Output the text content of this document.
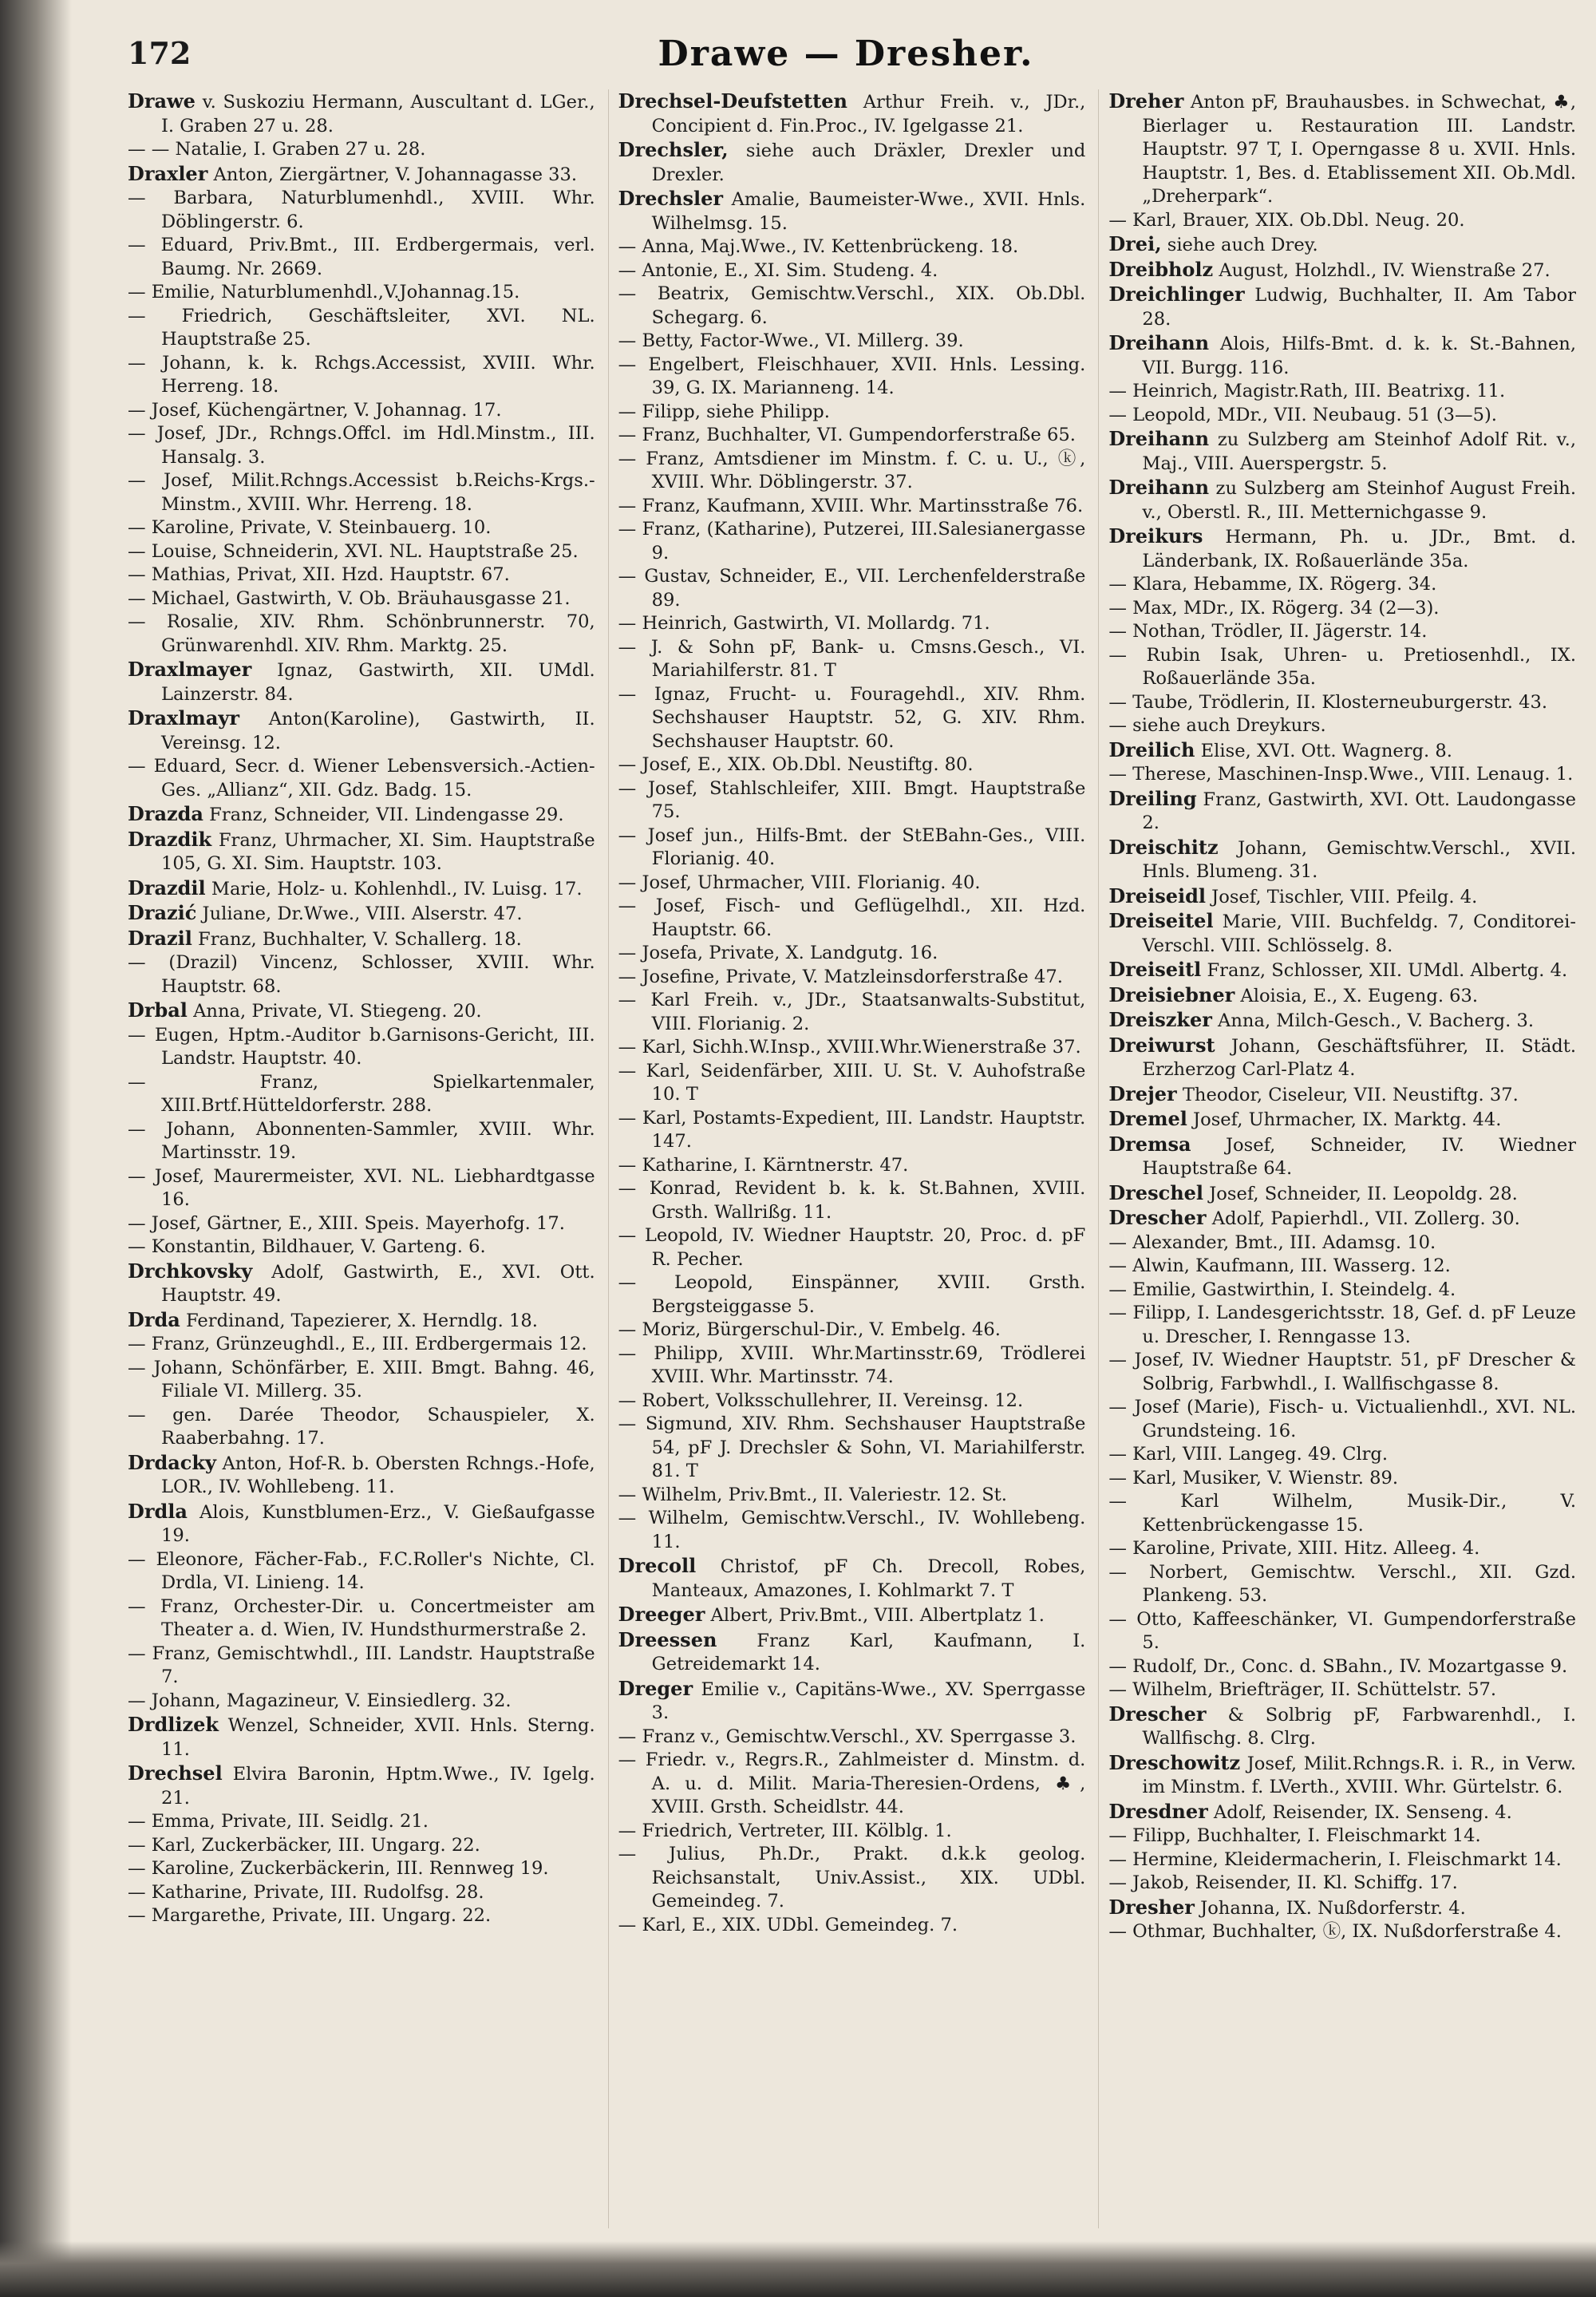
172	Drawe — Dresher.

Drawe v. Suskoziu Hermann, Auscultant d. LGer., I. Graben 27 u. 28.

— — Natalie, I. Graben 27 u. 28.

Draxler Anton, Ziergärtner, V. Johannagasse 33.

— Barbara, Naturblumenhdl., XVIII. Whr. Döblingerstr. 6.

— Eduard, Priv.Bmt., III. Erdbergermais, verl. Baumg. Nr. 2669.

— Emilie, Naturblumenhdl.,V.Johannag.15.

— Friedrich, Geschäftsleiter, XVI. NL. Hauptstraße 25.

— Johann, k. k. Rchgs.Accessist, XVIII. Whr. Herreng. 18.

— Josef, Küchengärtner, V. Johannag. 17.

— Josef, JDr., Rchngs.Offcl. im Hdl.Minstm., III. Hansalg. 3.

— Josef, Milit.Rchngs.Accessist b.Reichs-Krgs.-Minstm., XVIII. Whr. Herreng. 18.

— Karoline, Private, V. Steinbauerg. 10.

— Louise, Schneiderin, XVI. NL. Hauptstraße 25.

— Mathias, Privat, XII. Hzd. Hauptstr. 67.

— Michael, Gastwirth, V. Ob. Bräuhausgasse 21.

— Rosalie, XIV. Rhm. Schönbrunnerstr. 70, Grünwarenhdl. XIV. Rhm. Marktg. 25.

Draxlmayer Ignaz, Gastwirth, XII. UMdl. Lainzerstr. 84.

Draxlmayr Anton(Karoline), Gastwirth, II. Vereinsg. 12.

— Eduard, Secr. d. Wiener Lebensversich.-Actien-Ges. „Allianz“, XII. Gdz. Badg. 15.

Drazda Franz, Schneider, VII. Lindengasse 29.

Drazdik Franz, Uhrmacher, XI. Sim. Hauptstraße 105, G. XI. Sim. Hauptstr. 103.

Drazdil Marie, Holz- u. Kohlenhdl., IV. Luisg. 17.

Drazić Juliane, Dr.Wwe., VIII. Alserstr. 47.

Drazil Franz, Buchhalter, V. Schallerg. 18.

— (Drazil) Vincenz, Schlosser, XVIII. Whr. Hauptstr. 68.

Drbal Anna, Private, VI. Stiegeng. 20.

— Eugen, Hptm.-Auditor b.Garnisons-Gericht, III. Landstr. Hauptstr. 40.

— Franz, Spielkartenmaler, XIII.Brtf.Hütteldorferstr. 288.

— Johann, Abonnenten-Sammler, XVIII. Whr. Martinsstr. 19.

— Josef, Maurermeister, XVI. NL. Liebhardtgasse 16.

— Josef, Gärtner, E., XIII. Speis. Mayerhofg. 17.

— Konstantin, Bildhauer, V. Garteng. 6.

Drchkovsky Adolf, Gastwirth, E., XVI. Ott. Hauptstr. 49.

Drda Ferdinand, Tapezierer, X. Herndlg. 18.

— Franz, Grünzeughdl., E., III. Erdbergermais 12.

— Johann, Schönfärber, E. XIII. Bmgt. Bahng. 46, Filiale VI. Millerg. 35.

— gen. Darée Theodor, Schauspieler, X. Raaberbahng. 17.

Drdacky Anton, Hof-R. b. Obersten Rchngs.-Hofe, LOR., IV. Wohllebeng. 11.

Drdla Alois, Kunstblumen-Erz., V. Gießaufgasse 19.

— Eleonore, Fächer-Fab., F.C.Roller's Nichte, Cl. Drdla, VI. Linieng. 14.

— Franz, Orchester-Dir. u. Concertmeister am Theater a. d. Wien, IV. Hundsthurmerstraße 2.

— Franz, Gemischtwhdl., III. Landstr. Hauptstraße 7.

— Johann, Magazineur, V. Einsiedlerg. 32.

Drdlizek Wenzel, Schneider, XVII. Hnls. Sterng. 11.

Drechsel Elvira Baronin, Hptm.Wwe., IV. Igelg. 21.

— Emma, Private, III. Seidlg. 21.

— Karl, Zuckerbäcker, III. Ungarg. 22.

— Karoline, Zuckerbäckerin, III. Rennweg 19.

— Katharine, Private, III. Rudolfsg. 28.

— Margarethe, Private, III. Ungarg. 22.

Drechsel-Deufstetten Arthur Freih. v., JDr., Concipient d. Fin.Proc., IV. Igelgasse 21.

Drechsler, siehe auch Dräxler, Drexler und Drexler.

Drechsler Amalie, Baumeister-Wwe., XVII. Hnls. Wilhelmsg. 15.

— Anna, Maj.Wwe., IV. Kettenbrückeng. 18.

— Antonie, E., XI. Sim. Studeng. 4.

— Beatrix, Gemischtw.Verschl., XIX. Ob.Dbl. Schegarg. 6.

— Betty, Factor-Wwe., VI. Millerg. 39.

— Engelbert, Fleischhauer, XVII. Hnls. Lessing. 39, G. IX. Marianneng. 14.

— Filipp, siehe Philipp.

— Franz, Buchhalter, VI. Gumpendorferstraße 65.

— Franz, Amtsdiener im Minstm. f. C. u. U., ⓚ, XVIII. Whr. Döblingerstr. 37.

— Franz, Kaufmann, XVIII. Whr. Martinsstraße 76.

— Franz, (Katharine), Putzerei, III.Salesianergasse 9.

— Gustav, Schneider, E., VII. Lerchenfelderstraße 89.

— Heinrich, Gastwirth, VI. Mollardg. 71.

— J. & Sohn pF, Bank- u. Cmsns.Gesch., VI. Mariahilferstr. 81. T

— Ignaz, Frucht- u. Fouragehdl., XIV. Rhm. Sechshauser Hauptstr. 52, G. XIV. Rhm. Sechshauser Hauptstr. 60.

— Josef, E., XIX. Ob.Dbl. Neustiftg. 80.

— Josef, Stahlschleifer, XIII. Bmgt. Hauptstraße 75.

— Josef jun., Hilfs-Bmt. der StEBahn-Ges., VIII. Florianig. 40.

— Josef, Uhrmacher, VIII. Florianig. 40.

— Josef, Fisch- und Geflügelhdl., XII. Hzd. Hauptstr. 66.

— Josefa, Private, X. Landgutg. 16.

— Josefine, Private, V. Matzleinsdorferstraße 47.

— Karl Freih. v., JDr., Staatsanwalts-Substitut, VIII. Florianig. 2.

— Karl, Sichh.W.Insp., XVIII.Whr.Wienerstraße 37.

— Karl, Seidenfärber, XIII. U. St. V. Auhofstraße 10. T

— Karl, Postamts-Expedient, III. Landstr. Hauptstr. 147.

— Katharine, I. Kärntnerstr. 47.

— Konrad, Revident b. k. k. St.Bahnen, XVIII. Grsth. Wallrißg. 11.

— Leopold, IV. Wiedner Hauptstr. 20, Proc. d. pF R. Pecher.

— Leopold, Einspänner, XVIII. Grsth. Bergsteiggasse 5.

— Moriz, Bürgerschul-Dir., V. Embelg. 46.

— Philipp, XVIII. Whr.Martinsstr.69, Trödlerei XVIII. Whr. Martinsstr. 74.

— Robert, Volksschullehrer, II. Vereinsg. 12.

— Sigmund, XIV. Rhm. Sechshauser Hauptstraße 54, pF J. Drechsler & Sohn, VI. Mariahilferstr. 81. T

— Wilhelm, Priv.Bmt., II. Valeriestr. 12. St.

— Wilhelm, Gemischtw.Verschl., IV. Wohllebeng. 11.

Drecoll Christof, pF Ch. Drecoll, Robes, Manteaux, Amazones, I. Kohlmarkt 7. T

Dreeger Albert, Priv.Bmt., VIII. Albertplatz 1.

Dreessen Franz Karl, Kaufmann, I. Getreidemarkt 14.

Dreger Emilie v., Capitäns-Wwe., XV. Sperrgasse 3.

— Franz v., Gemischtw.Verschl., XV. Sperrgasse 3.

— Friedr. v., Regrs.R., Zahlmeister d. Minstm. d. A. u. d. Milit. Maria-Theresien-Ordens, ♣, XVIII. Grsth. Scheidlstr. 44.

— Friedrich, Vertreter, III. Kölblg. 1.

— Julius, Ph.Dr., Prakt. d.k.k geolog. Reichsanstalt, Univ.Assist., XIX. UDbl. Gemeindeg. 7.

— Karl, E., XIX. UDbl. Gemeindeg. 7.

Dreher Anton pF, Brauhausbes. in Schwechat, ♣, Bierlager u. Restauration III. Landstr. Hauptstr. 97 T, I. Operngasse 8 u. XVII. Hnls. Hauptstr. 1, Bes. d. Etablissement XII. Ob.Mdl. „Dreherpark“.

— Karl, Brauer, XIX. Ob.Dbl. Neug. 20.

Drei, siehe auch Drey.

Dreibholz August, Holzhdl., IV. Wienstraße 27.

Dreichlinger Ludwig, Buchhalter, II. Am Tabor 28.

Dreihann Alois, Hilfs-Bmt. d. k. k. St.-Bahnen, VII. Burgg. 116.

— Heinrich, Magistr.Rath, III. Beatrixg. 11.

— Leopold, MDr., VII. Neubaug. 51 (3—5).

Dreihann zu Sulzberg am Steinhof Adolf Rit. v., Maj., VIII. Auerspergstr. 5.

Dreihann zu Sulzberg am Steinhof August Freih. v., Oberstl. R., III. Metternichgasse 9.

Dreikurs Hermann, Ph. u. JDr., Bmt. d. Länderbank, IX. Roßauerlände 35a.

— Klara, Hebamme, IX. Rögerg. 34.

— Max, MDr., IX. Rögerg. 34 (2—3).

— Nothan, Trödler, II. Jägerstr. 14.

— Rubin Isak, Uhren- u. Pretiosenhdl., IX. Roßauerlände 35a.

— Taube, Trödlerin, II. Klosterneuburgerstr. 43.

— siehe auch Dreykurs.

Dreilich Elise, XVI. Ott. Wagnerg. 8.

— Therese, Maschinen-Insp.Wwe., VIII. Lenaug. 1.

Dreiling Franz, Gastwirth, XVI. Ott. Laudongasse 2.

Dreischitz Johann, Gemischtw.Verschl., XVII. Hnls. Blumeng. 31.

Dreiseidl Josef, Tischler, VIII. Pfeilg. 4.

Dreiseitel Marie, VIII. Buchfeldg. 7, Conditorei-Verschl. VIII. Schlösselg. 8.

Dreiseitl Franz, Schlosser, XII. UMdl. Albertg. 4.

Dreisiebner Aloisia, E., X. Eugeng. 63.

Dreiszker Anna, Milch-Gesch., V. Bacherg. 3.

Dreiwurst Johann, Geschäftsführer, II. Städt. Erzherzog Carl-Platz 4.

Drejer Theodor, Ciseleur, VII. Neustiftg. 37.

Dremel Josef, Uhrmacher, IX. Marktg. 44.

Dremsa Josef, Schneider, IV. Wiedner Hauptstraße 64.

Dreschel Josef, Schneider, II. Leopoldg. 28.

Drescher Adolf, Papierhdl., VII. Zollerg. 30.

— Alexander, Bmt., III. Adamsg. 10.

— Alwin, Kaufmann, III. Wasserg. 12.

— Emilie, Gastwirthin, I. Steindelg. 4.

— Filipp, I. Landesgerichtsstr. 18, Gef. d. pF Leuze u. Drescher, I. Renngasse 13.

— Josef, IV. Wiedner Hauptstr. 51, pF Drescher & Solbrig, Farbwhdl., I. Wallfischgasse 8.

— Josef (Marie), Fisch- u. Victualienhdl., XVI. NL. Grundsteing. 16.

— Karl, VIII. Langeg. 49. Clrg.

— Karl, Musiker, V. Wienstr. 89.

— Karl Wilhelm, Musik-Dir., V. Kettenbrückengasse 15.

— Karoline, Private, XIII. Hitz. Alleeg. 4.

— Norbert, Gemischtw. Verschl., XII. Gzd. Plankeng. 53.

— Otto, Kaffeeschänker, VI. Gumpendorferstraße 5.

— Rudolf, Dr., Conc. d. SBahn., IV. Mozartgasse 9.

— Wilhelm, Briefträger, II. Schüttelstr. 57.

Drescher & Solbrig pF, Farbwarenhdl., I. Wallfischg. 8. Clrg.

Dreschowitz Josef, Milit.Rchngs.R. i. R., in Verw. im Minstm. f. LVerth., XVIII. Whr. Gürtelstr. 6.

Dresdner Adolf, Reisender, IX. Senseng. 4.

— Filipp, Buchhalter, I. Fleischmarkt 14.

— Hermine, Kleidermacherin, I. Fleischmarkt 14.

— Jakob, Reisender, II. Kl. Schiffg. 17.

Dresher Johanna, IX. Nußdorferstr. 4.

— Othmar, Buchhalter, ⓚ, IX. Nußdorferstraße 4.
